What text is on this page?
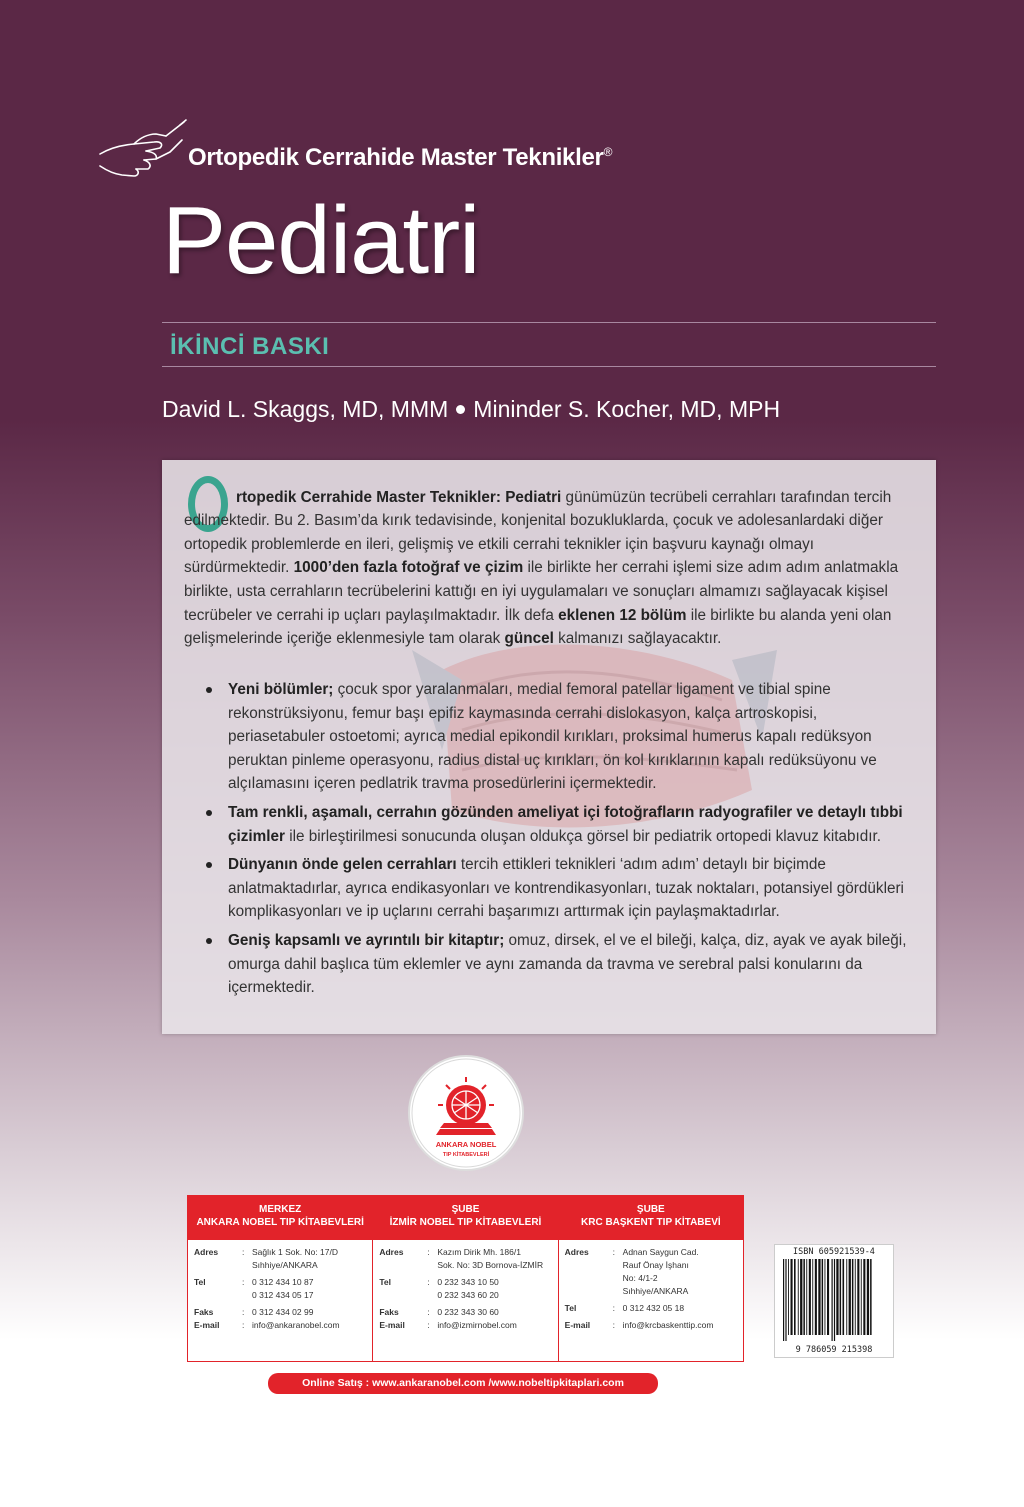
Ortopedik Cerrahide Master Teknikler®
Pediatri
İKİNCİ BASKI
David L. Skaggs, MD, MMM Mininder S. Kocher, MD, MPH
rtopedik Cerrahide Master Teknikler: Pediatri günümüzün tecrübeli cerrahları tarafından tercih edilmektedir. Bu 2. Basım’da kırık tedavisinde, konjenital bozukluklarda, çocuk ve adolesanlardaki diğer ortopedik problemlerde en ileri, gelişmiş ve etkili cerrahi teknikler için başvuru kaynağı olmayı sürdürmektedir. 1000’den fazla fotoğraf ve çizim ile birlikte her cerrahi işlemi size adım adım anlatmakla birlikte, usta cerrahların tecrübelerini kattığı en iyi uygulamaları ve sonuçları almamızı sağlayacak kişisel tecrübeler ve cerrahi ip uçları paylaşılmaktadır. İlk defa eklenen 12 bölüm ile birlikte bu alanda yeni olan gelişmelerinde içeriğe eklenmesiyle tam olarak güncel kalmanızı sağlayacaktır.
Yeni bölümler; çocuk spor yaralanmaları, medial femoral patellar ligament ve tibial spine rekonstrüksiyonu, femur başı epifiz kaymasında cerrahi dislokasyon, kalça artroskopisi, periasetabuler ostoetomi; ayrıca medial epikondil kırıkları, proksimal humerus kapalı redüksyon peruktan pinleme operasyonu, radius distal uç kırıkları, ön kol kırıklarının kapalı redüksüyonu ve alçılamasını içeren pedlatrik travma prosedürlerini içermektedir.
Tam renkli, aşamalı, cerrahın gözünden ameliyat içi fotoğrafların radyografiler ve detaylı tıbbi çizimler ile birleştirilmesi sonucunda oluşan oldukça görsel bir pediatrik ortopedi klavuz kitabıdır.
Dünyanın önde gelen cerrahları tercih ettikleri teknikleri ‘adım adım’ detaylı bir biçimde anlatmaktadırlar, ayrıca endikasyonları ve kontrendikasyonları, tuzak noktaları, potansiyel gördükleri komplikasyonları ve ip uçlarını cerrahi başarımızı arttırmak için paylaşmaktadırlar.
Geniş kapsamlı ve ayrıntılı bir kitaptır; omuz, dirsek, el ve el bileği, kalça, diz, ayak ve ayak bileği, omurga dahil başlıca tüm eklemler ve aynı zamanda da travma ve serebral palsi konularını da içermektedir.
ANKARA NOBEL
TIP KİTABEVLERİ
MERKEZ
ANKARA NOBEL TIP KİTABEVLERİ
Adres	: Sağlık 1 Sok. No: 17/D
Sıhhiye/ANKARA
Tel	: 0 312 434 10 87
0 312 434 05 17
Faks	: 0 312 434 02 99
E-mail	: info@ankaranobel.com
ŞUBE
İZMİR NOBEL TIP KİTABEVLERİ
Adres	: Kazım Dirik Mh. 186/1
Sok. No: 3D Bornova-İZMİR
Tel	: 0 232 343 10 50
0 232 343 60 20
Faks	: 0 232 343 30 60
E-mail	: info@izmirnobel.com
ŞUBE
KRC BAŞKENT TIP KİTABEVİ
Adres	: Adnan Saygun Cad.
Rauf Önay İşhanı
No: 4/1-2
Sıhhiye/ANKARA
Tel	: 0 312 432 05 18
E-mail	: info@krcbaskenttip.com
ISBN 605921539-4
9 786059 215398
Online Satış : www.ankaranobel.com /www.nobeltipkitaplari.com
